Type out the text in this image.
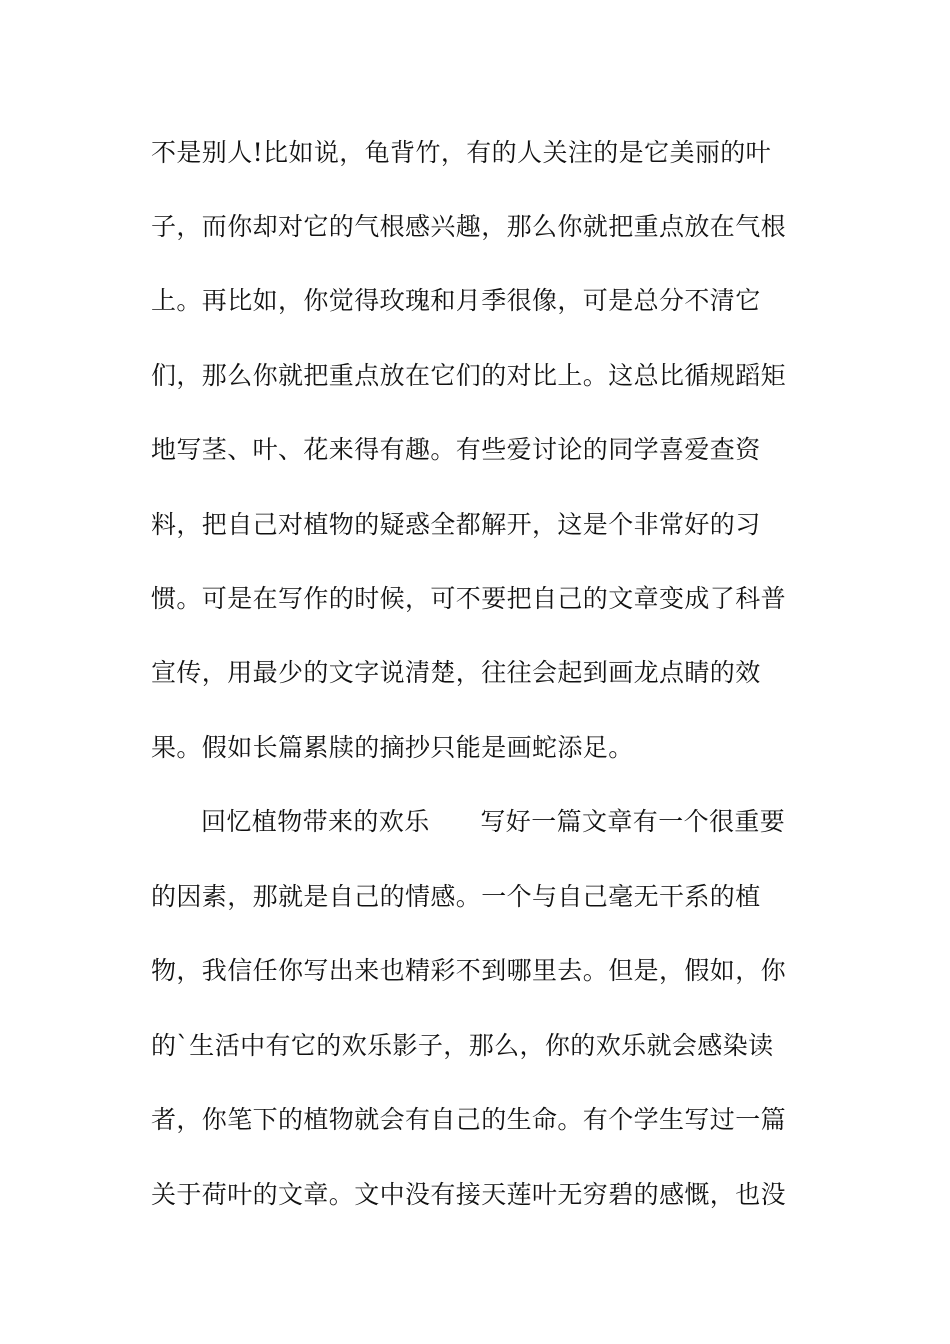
不是别人!比如说，龟背竹，有的人关注的是它美丽的叶
子，而你却对它的气根感兴趣，那么你就把重点放在气根
上。再比如，你觉得玫瑰和月季很像，可是总分不清它
们，那么你就把重点放在它们的对比上。这总比循规蹈矩
地写茎、叶、花来得有趣。有些爱讨论的同学喜爱查资
料，把自己对植物的疑惑全都解开，这是个非常好的习
惯。可是在写作的时候，可不要把自己的文章变成了科普
宣传，用最少的文字说清楚，往往会起到画龙点睛的效
果。假如长篇累牍的摘抄只能是画蛇添足。
回忆植物带来的欢乐　　写好一篇文章有一个很重要
的因素，那就是自己的情感。一个与自己毫无干系的植
物，我信任你写出来也精彩不到哪里去。但是，假如，你
的`生活中有它的欢乐影子，那么，你的欢乐就会感染读
者，你笔下的植物就会有自己的生命。有个学生写过一篇
关于荷叶的文章。文中没有接天莲叶无穷碧的感慨，也没
